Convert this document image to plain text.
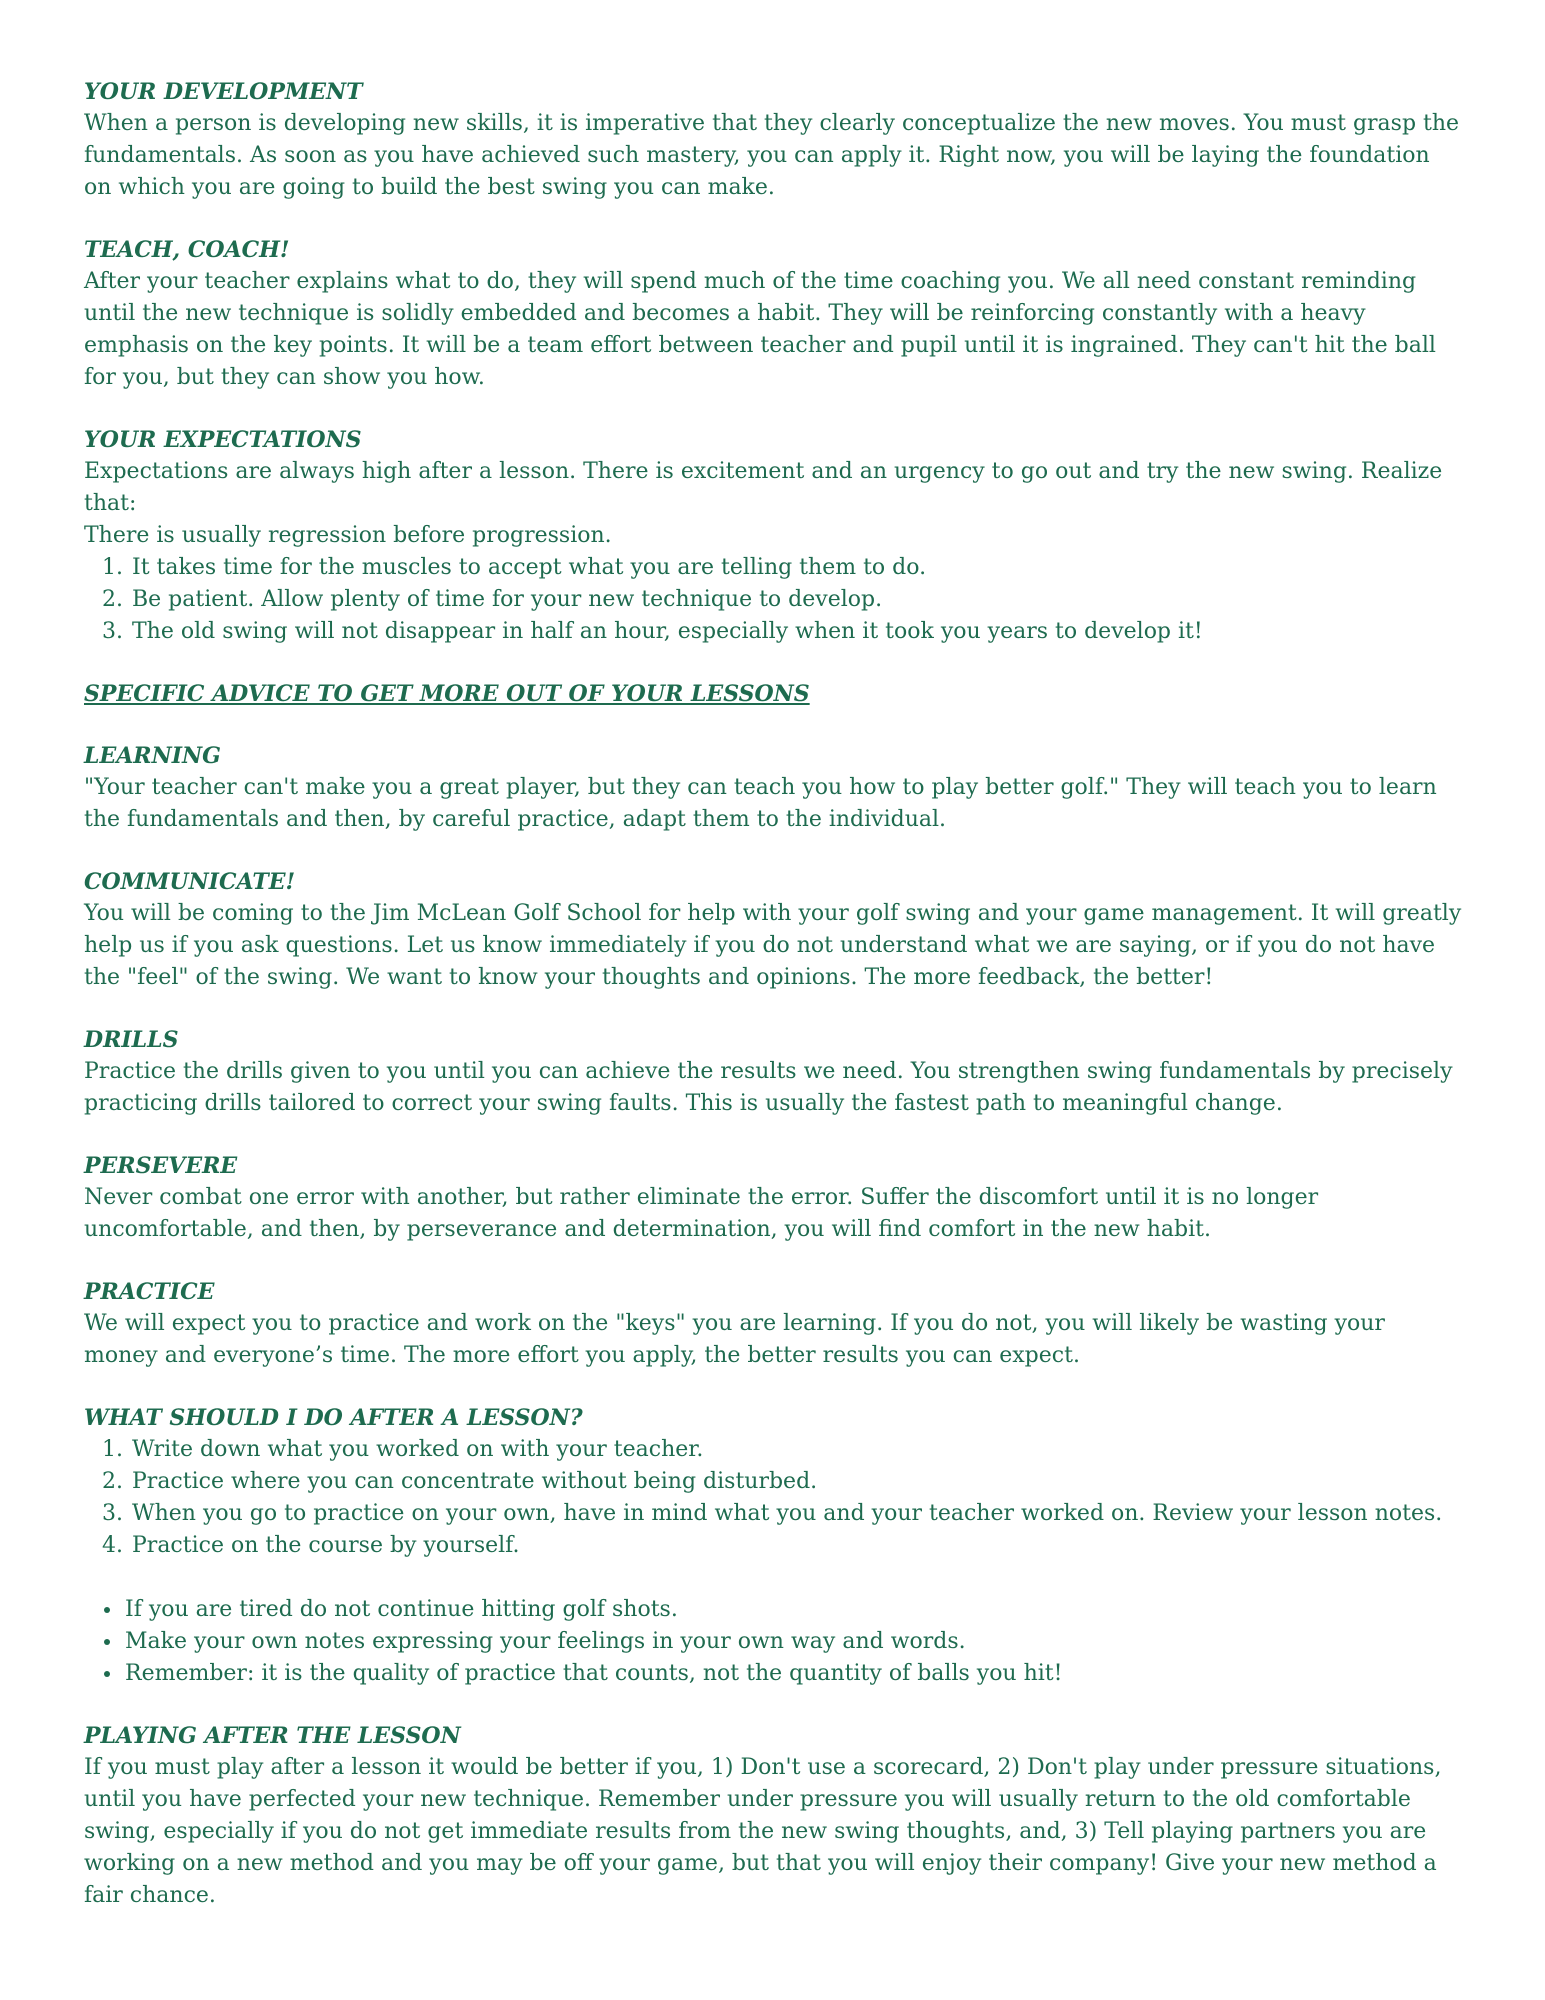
YOUR DEVELOPMENT

When a person is developing new skills, it is imperative that they clearly conceptualize the new moves. You must grasp the fundamentals. As soon as you have achieved such mastery, you can apply it. Right now, you will be laying the foundation on which you are going to build the best swing you can make.

TEACH, COACH!

After your teacher explains what to do, they will spend much of the time coaching you. We all need constant reminding until the new technique is solidly embedded and becomes a habit. They will be reinforcing constantly with a heavy emphasis on the key points. It will be a team effort between teacher and pupil until it is ingrained. They can't hit the ball for you, but they can show you how.

YOUR EXPECTATIONS

Expectations are always high after a lesson. There is excitement and an urgency to go out and try the new swing. Realize that:

There is usually regression before progression.

1. It takes time for the muscles to accept what you are telling them to do.
2. Be patient. Allow plenty of time for your new technique to develop.
3. The old swing will not disappear in half an hour, especially when it took you years to develop it!
SPECIFIC ADVICE TO GET MORE OUT OF YOUR LESSONS
LEARNING

"Your teacher can't make you a great player, but they can teach you how to play better golf." They will teach you to learn the fundamentals and then, by careful practice, adapt them to the individual.

COMMUNICATE!

You will be coming to the Jim McLean Golf School for help with your golf swing and your game management. It will greatly help us if you ask questions. Let us know immediately if you do not understand what we are saying, or if you do not have the "feel" of the swing. We want to know your thoughts and opinions. The more feedback, the better!

DRILLS

Practice the drills given to you until you can achieve the results we need. You strengthen swing fundamentals by precisely practicing drills tailored to correct your swing faults. This is usually the fastest path to meaningful change.

PERSEVERE

Never combat one error with another, but rather eliminate the error. Suffer the discomfort until it is no longer uncomfortable, and then, by perseverance and determination, you will find comfort in the new habit.

PRACTICE

We will expect you to practice and work on the "keys" you are learning. If you do not, you will likely be wasting your money and everyone’s time. The more effort you apply, the better results you can expect.

WHAT SHOULD I DO AFTER A LESSON?
1. Write down what you worked on with your teacher.
2. Practice where you can concentrate without being disturbed.
3. When you go to practice on your own, have in mind what you and your teacher worked on. Review your lesson notes.
4. Practice on the course by yourself.
• If you are tired do not continue hitting golf shots.
• Make your own notes expressing your feelings in your own way and words.
• Remember: it is the quality of practice that counts, not the quantity of balls you hit!
PLAYING AFTER THE LESSON

If you must play after a lesson it would be better if you, 1) Don't use a scorecard, 2) Don't play under pressure situations, until you have perfected your new technique. Remember under pressure you will usually return to the old comfortable swing, especially if you do not get immediate results from the new swing thoughts, and, 3) Tell playing partners you are working on a new method and you may be off your game, but that you will enjoy their company! Give your new method a fair chance.
